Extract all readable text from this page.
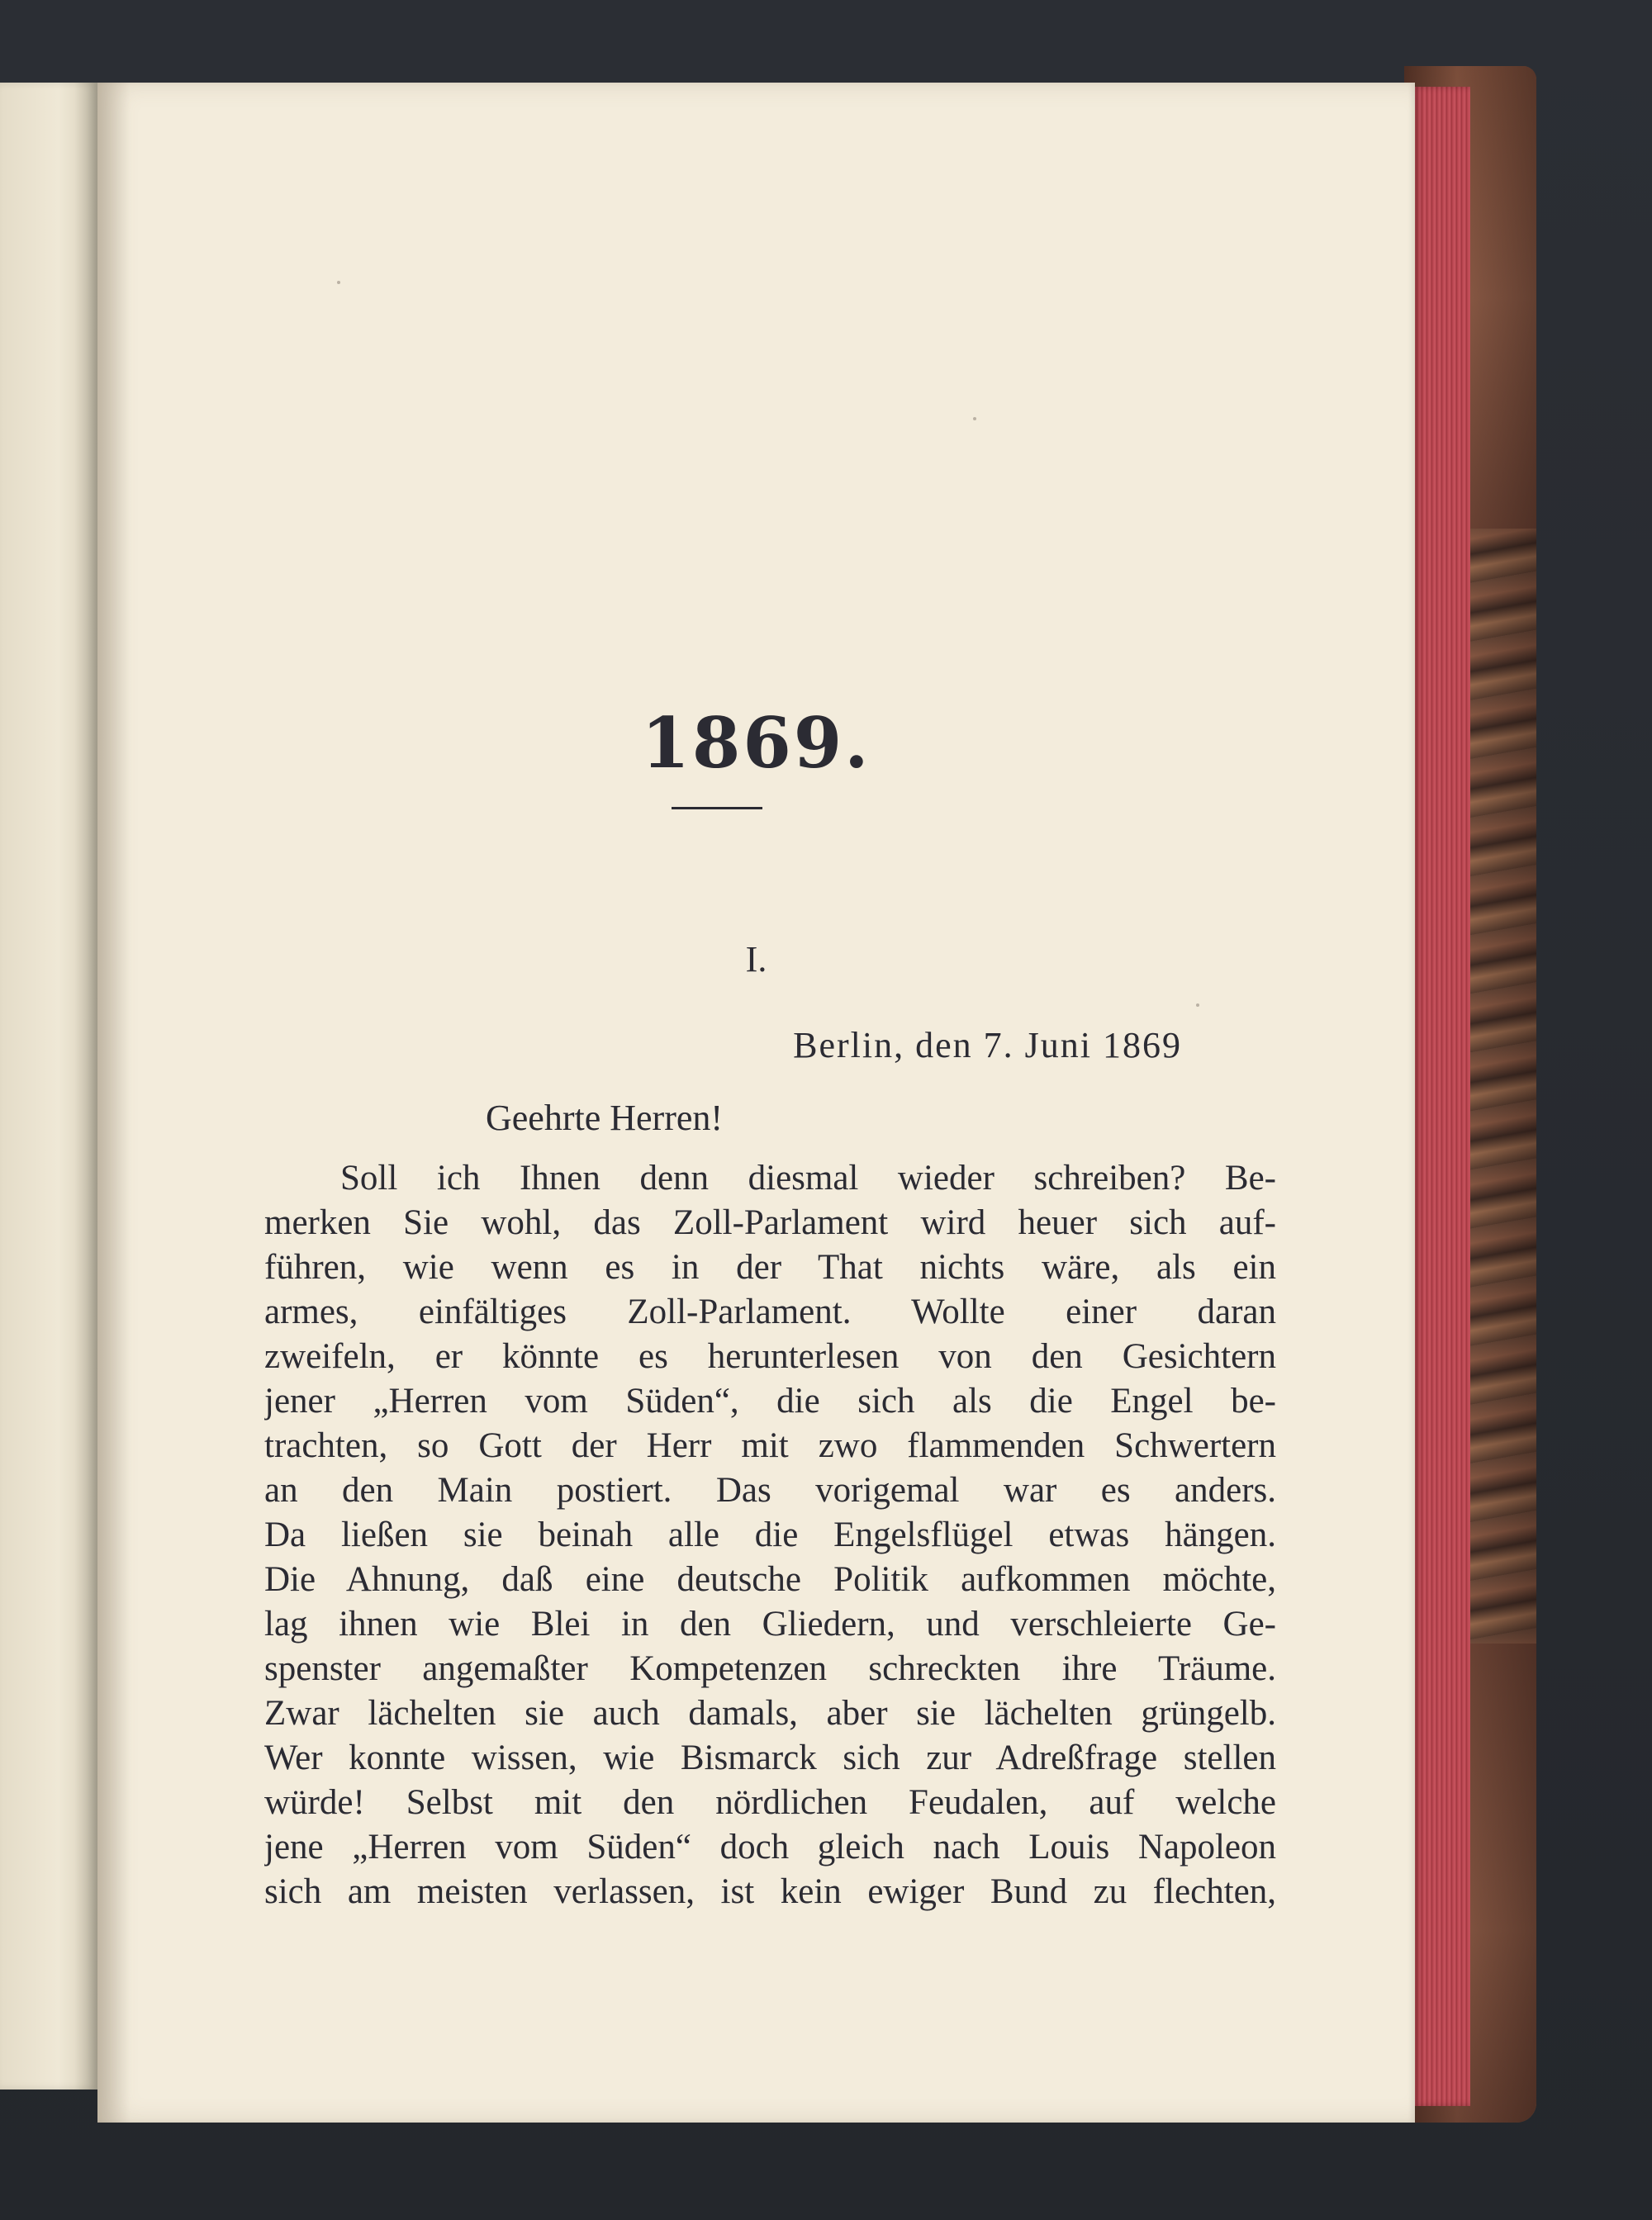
1869.
I.
Berlin, den 7. Juni 1869
Geehrte Herren!
Soll ich Ihnen denn diesmal wieder schreiben? Be-
merken Sie wohl, das Zoll-Parlament wird heuer sich auf-
führen, wie wenn es in der That nichts wäre, als ein
armes, einfältiges Zoll-Parlament. Wollte einer daran
zweifeln, er könnte es herunterlesen von den Gesichtern
jener „Herren vom Süden“, die sich als die Engel be-
trachten, so Gott der Herr mit zwo flammenden Schwertern
an den Main postiert. Das vorigemal war es anders.
Da ließen sie beinah alle die Engelsflügel etwas hängen.
Die Ahnung, daß eine deutsche Politik aufkommen möchte,
lag ihnen wie Blei in den Gliedern, und verschleierte Ge-
spenster angemaßter Kompetenzen schreckten ihre Träume.
Zwar lächelten sie auch damals, aber sie lächelten grüngelb.
Wer konnte wissen, wie Bismarck sich zur Adreßfrage stellen
würde! Selbst mit den nördlichen Feudalen, auf welche
jene „Herren vom Süden“ doch gleich nach Louis Napoleon
sich am meisten verlassen, ist kein ewiger Bund zu flechten,
